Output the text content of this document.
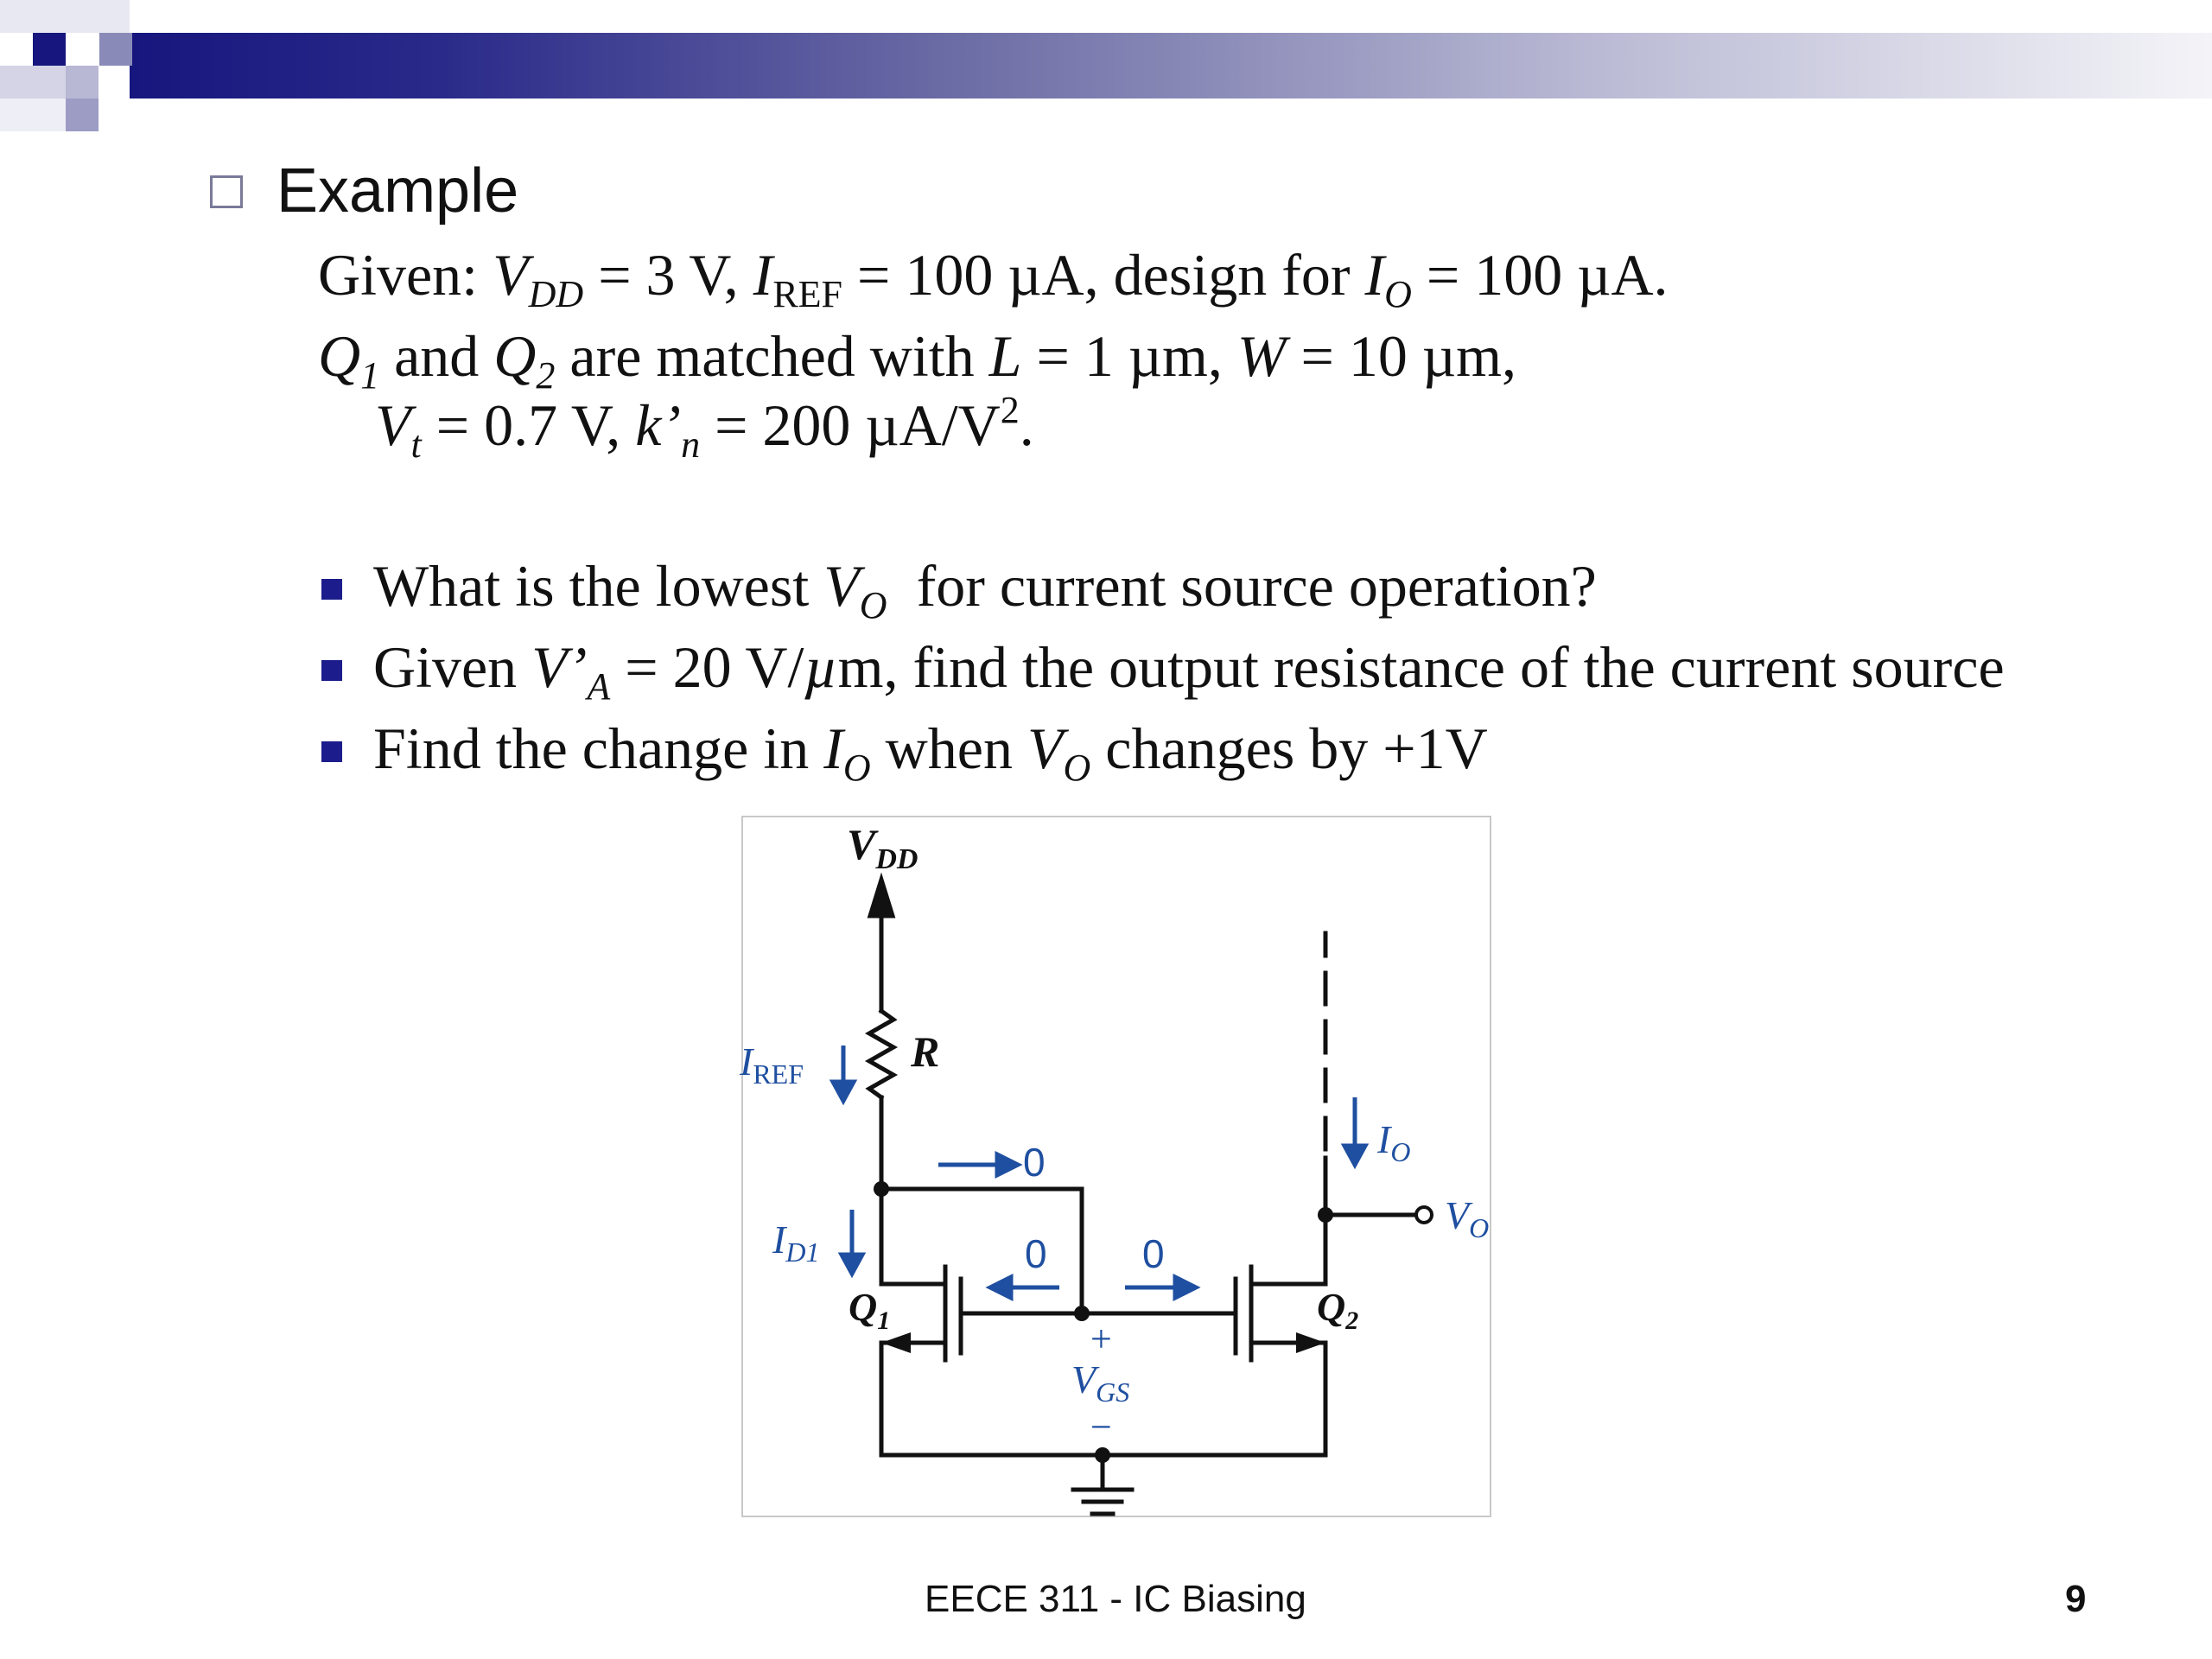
Example
Given: $V_{DD} = 3$ V, $I_{REF} = 100$ µA, design for $I_O = 100$ µA.
$Q_1$ and $Q_2$ are matched with L = 1 µm, W = 10 µm,
$V_t = 0.7$ V, $k’_n = 200$ $\mu A/V^2$.
What is the lowest $V_O$  for current source operation?
Given $V’_A = 20$ V/µm, find the output resistance of the current source
Find the change in $I_O$ when $V_O$ changes by +1V
$V_{DD}$
R
$I_{REF}$
$I_{D1}$
$I_O$
$V_O$
$Q_1$	$Q_2$
0
0 0
+
$V_{GS}$
−
EECE 311 - IC Biasing	9
